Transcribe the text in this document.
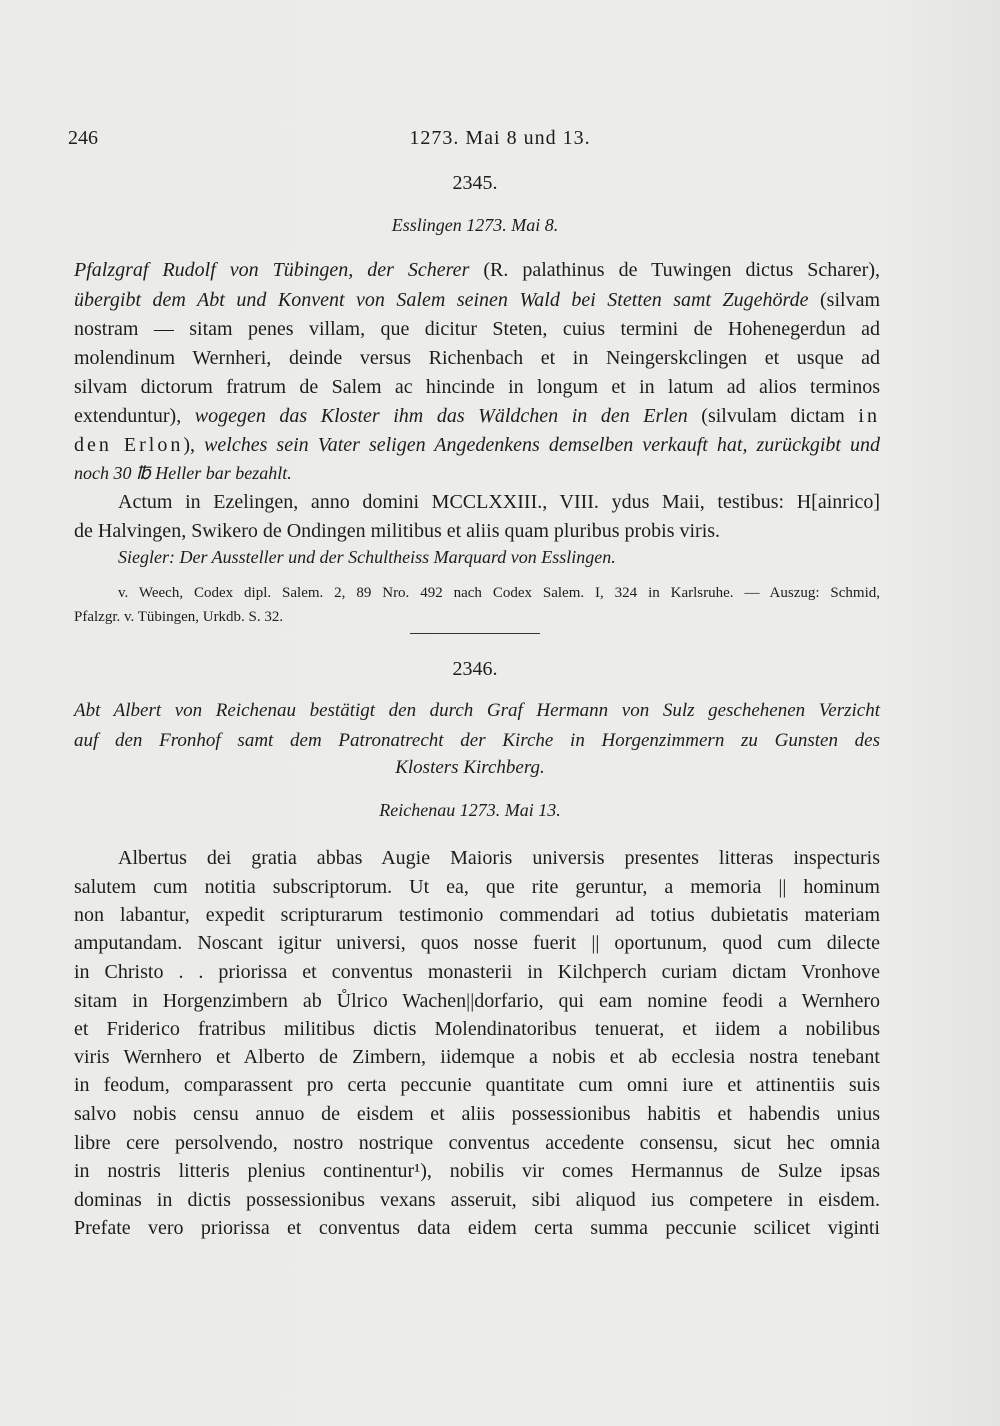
246	1273. Mai 8 und 13.
2345.
Esslingen 1273. Mai 8.
Pfalzgraf Rudolf von Tübingen, der Scherer (R. palathinus de Tuwingen dictus Scharer),
übergibt dem Abt und Konvent von Salem seinen Wald bei Stetten samt Zugehörde (silvam
nostram — sitam penes villam, que dicitur Steten, cuius termini de Hohenegerdun ad
molendinum Wernheri, deinde versus Richenbach et in Neingerskclingen et usque ad
silvam dictorum fratrum de Salem ac hincinde in longum et in latum ad alios terminos
extenduntur), wogegen das Kloster ihm das Wäldchen in den Erlen (silvulam dictam in
den Erlon), welches sein Vater seligen Angedenkens demselben verkauft hat, zurückgibt und
noch 30 ℔ Heller bar bezahlt.
Actum in Ezelingen, anno domini MCCLXXIII., VIII. ydus Maii, testibus: H[ainrico]
de Halvingen, Swikero de Ondingen militibus et aliis quam pluribus probis viris.
Siegler: Der Aussteller und der Schultheiss Marquard von Esslingen.
v. Weech, Codex dipl. Salem. 2, 89 Nro. 492 nach Codex Salem. I, 324 in Karlsruhe. — Auszug: Schmid,
Pfalzgr. v. Tübingen, Urkdb. S. 32.
2346.
Abt Albert von Reichenau bestätigt den durch Graf Hermann von Sulz geschehenen Verzicht
auf den Fronhof samt dem Patronatrecht der Kirche in Horgenzimmern zu Gunsten des
Klosters Kirchberg.
Reichenau 1273. Mai 13.
Albertus dei gratia abbas Augie Maioris universis presentes litteras inspecturis
salutem cum notitia subscriptorum. Ut ea, que rite geruntur, a memoria || hominum
non labantur, expedit scripturarum testimonio commendari ad totius dubietatis materiam
amputandam. Noscant igitur universi, quos nosse fuerit || oportunum, quod cum dilecte
in Christo . . priorissa et conventus monasterii in Kilchperch curiam dictam Vronhove
sitam in Horgenzimbern ab Ůlrico Wachen||dorfario, qui eam nomine feodi a Wernhero
et Friderico fratribus militibus dictis Molendinatoribus tenuerat, et iidem a nobilibus
viris Wernhero et Alberto de Zimbern, iidemque a nobis et ab ecclesia nostra tenebant
in feodum, comparassent pro certa peccunie quantitate cum omni iure et attinentiis suis
salvo nobis censu annuo de eisdem et aliis possessionibus habitis et habendis unius
libre cere persolvendo, nostro nostrique conventus accedente consensu, sicut hec omnia
in nostris litteris plenius continentur¹), nobilis vir comes Hermannus de Sulze ipsas
dominas in dictis possessionibus vexans asseruit, sibi aliquod ius competere in eisdem.
Prefate vero priorissa et conventus data eidem certa summa peccunie scilicet viginti
